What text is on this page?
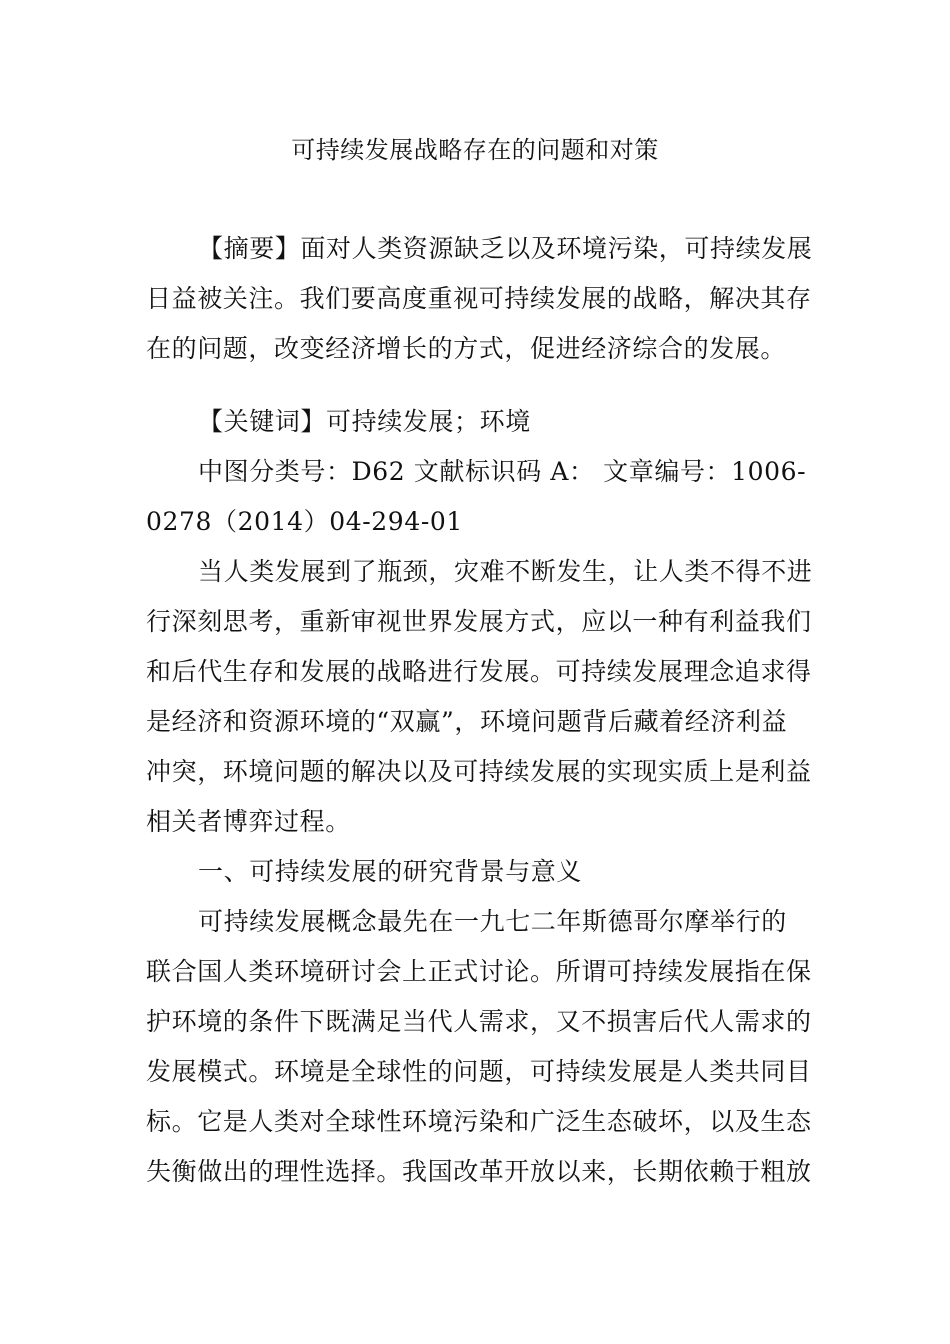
可持续发展战略存在的问题和对策
【摘要】面对人类资源缺乏以及环境污染，可持续发展
日益被关注。我们要高度重视可持续发展的战略，解决其存
在的问题，改变经济增长的方式，促进经济综合的发展。
【关键词】可持续发展；环境
中图分类号：D62 文献标识码 A： 文章编号：1006-
0278（2014）04-294-01
当人类发展到了瓶颈，灾难不断发生，让人类不得不进
行深刻思考，重新审视世界发展方式，应以一种有利益我们
和后代生存和发展的战略进行发展。可持续发展理念追求得
是经济和资源环境的“双赢”，环境问题背后藏着经济利益
冲突，环境问题的解决以及可持续发展的实现实质上是利益
相关者博弈过程。
一、可持续发展的研究背景与意义
可持续发展概念最先在一九七二年斯德哥尔摩举行的
联合国人类环境研讨会上正式讨论。所谓可持续发展指在保
护环境的条件下既满足当代人需求，又不损害后代人需求的
发展模式。环境是全球性的问题，可持续发展是人类共同目
标。它是人类对全球性环境污染和广泛生态破坏，以及生态
失衡做出的理性选择。我国改革开放以来，长期依赖于粗放
